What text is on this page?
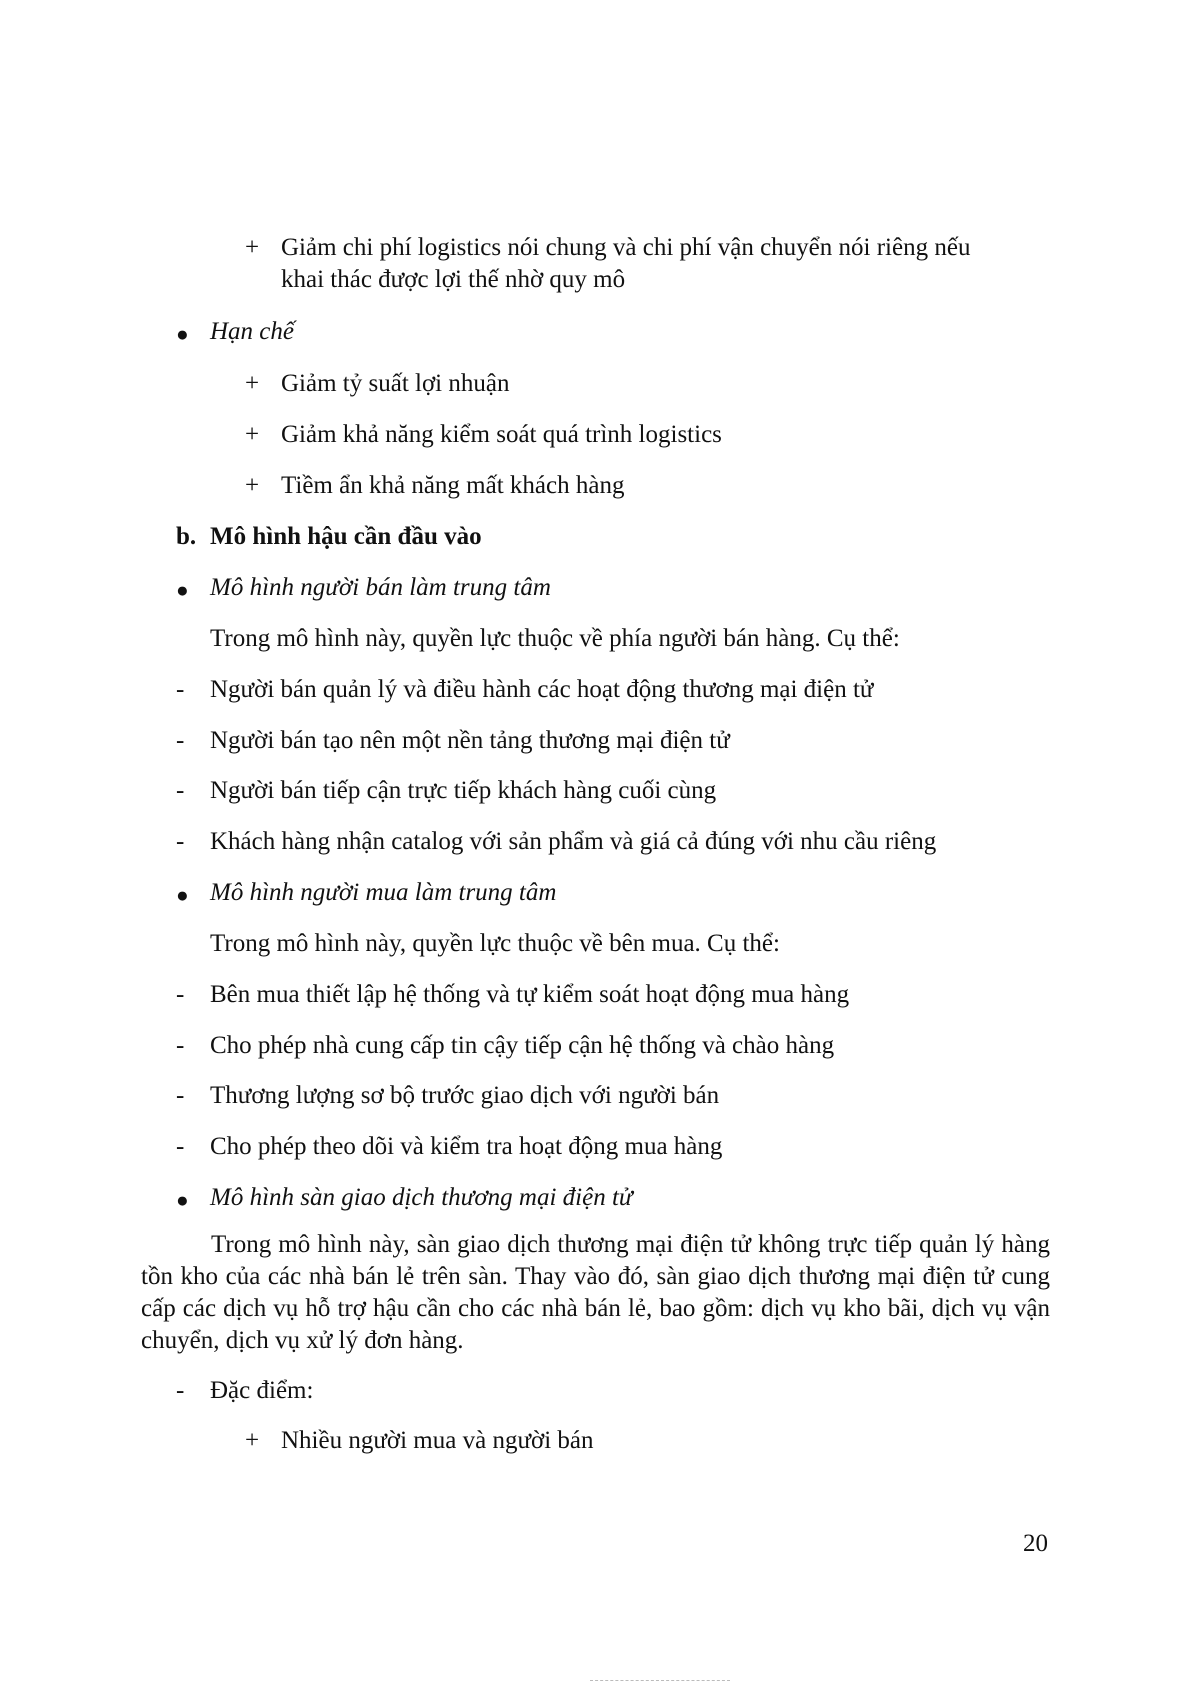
+ Giảm chi phí logistics nói chung và chi phí vận chuyển nói riêng nếu
khai thác được lợi thế nhờ quy mô
● Hạn chế
+ Giảm tỷ suất lợi nhuận
+ Giảm khả năng kiểm soát quá trình logistics
+ Tiềm ẩn khả năng mất khách hàng
b. Mô hình hậu cần đầu vào
● Mô hình người bán làm trung tâm
Trong mô hình này, quyền lực thuộc về phía người bán hàng. Cụ thể:
- Người bán quản lý và điều hành các hoạt động thương mại điện tử
- Người bán tạo nên một nền tảng thương mại điện tử
- Người bán tiếp cận trực tiếp khách hàng cuối cùng
- Khách hàng nhận catalog với sản phẩm và giá cả đúng với nhu cầu riêng
● Mô hình người mua làm trung tâm
Trong mô hình này, quyền lực thuộc về bên mua. Cụ thể:
- Bên mua thiết lập hệ thống và tự kiểm soát hoạt động mua hàng
- Cho phép nhà cung cấp tin cậy tiếp cận hệ thống và chào hàng
- Thương lượng sơ bộ trước giao dịch với người bán
- Cho phép theo dõi và kiểm tra hoạt động mua hàng
● Mô hình sàn giao dịch thương mại điện tử
Trong mô hình này, sàn giao dịch thương mại điện tử không trực tiếp quản lý hàng tồn kho của các nhà bán lẻ trên sàn. Thay vào đó, sàn giao dịch thương mại điện tử cung cấp các dịch vụ hỗ trợ hậu cần cho các nhà bán lẻ, bao gồm: dịch vụ kho bãi, dịch vụ vận chuyển, dịch vụ xử lý đơn hàng.
- Đặc điểm:
+ Nhiều người mua và người bán
20
